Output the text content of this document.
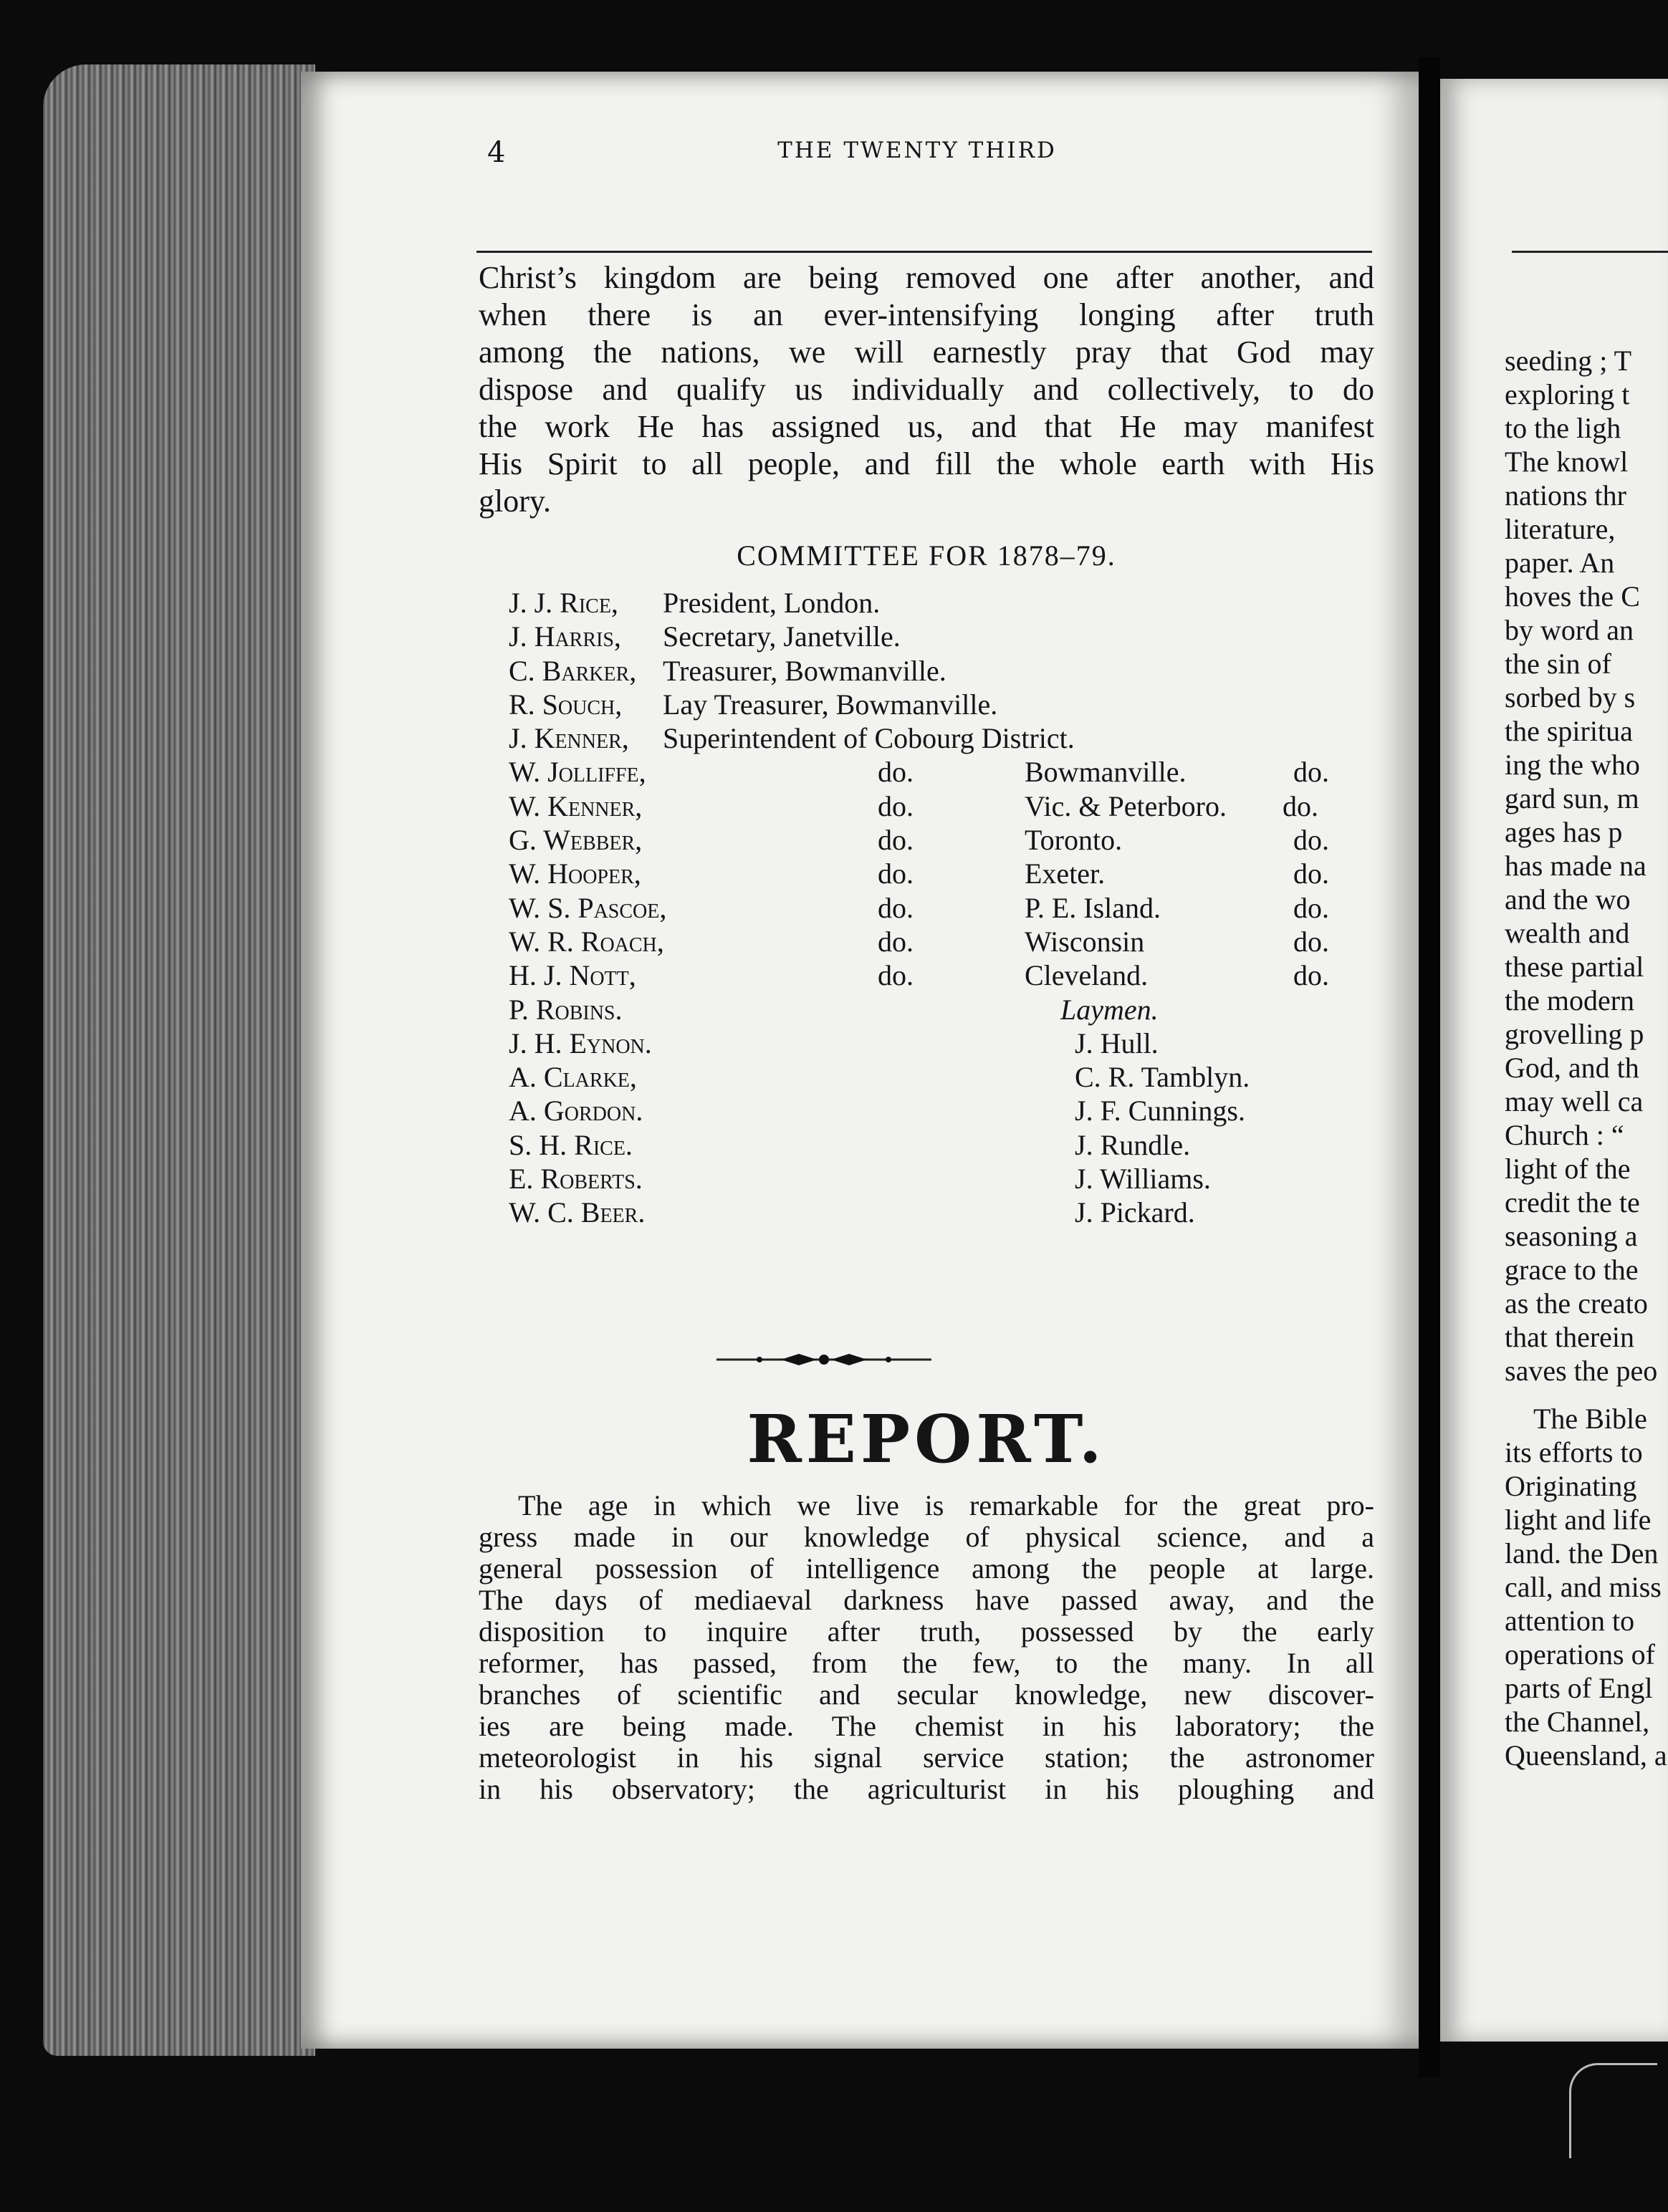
seeding ; T
exploring t
to the ligh
The knowl
nations thr
literature,
paper. An
hoves the C
by word an
the sin of
sorbed by s
the spiritua
ing the who
gard sun, m
ages has p
has made na
and the wo
wealth and
these partial
the modern
grovelling p
God, and th
may well ca
Church : “
light of the
credit the te
seasoning a
grace to the
as the creato
that therein
saves the peo
The Bible
its efforts to
Originating
light and life
land. the Den
call, and miss
attention to
operations of
parts of Engl
the Channel,
Queensland, a
4	THE TWENTY THIRD
Christ’s kingdom are being removed one after another, and
when there is an ever-intensifying longing after truth
among the nations, we will earnestly pray that God may
dispose and qualify us individually and collectively, to do
the work He has assigned us, and that He may manifest
His Spirit to all people, and fill the whole earth with His
glory.
COMMITTEE FOR 1878–79.
J. J. Rice, President, London.
J. Harris, Secretary, Janetville.
C. Barker, Treasurer, Bowmanville.
R. Souch, Lay Treasurer, Bowmanville.
J. Kenner, Superintendent of Cobourg District.
W. Jolliffe,	do.	Bowmanville.	do.
W. Kenner,	do.	Vic. & Peterboro. do.
G. Webber,	do.	Toronto.	do.
W. Hooper,	do.	Exeter.	do.
W. S. Pascoe,	do.	P. E. Island.	do.
W. R. Roach,	do.	Wisconsin	do.
H. J. Nott,	do.	Cleveland.	do.
P. Robins.	Laymen.
J. H. Eynon.	J. Hull.
A. Clarke,	C. R. Tamblyn.
A. Gordon.	J. F. Cunnings.
S. H. Rice.	J. Rundle.
E. Roberts.	J. Williams.
W. C. Beer.	J. Pickard.
REPORT.
The age in which we live is remarkable for the great pro-
gress made in our knowledge of physical science, and a
general possession of intelligence among the people at large.
The days of mediaeval darkness have passed away, and the
disposition to inquire after truth, possessed by the early
reformer, has passed, from the few, to the many. In all
branches of scientific and secular knowledge, new discover-
ies are being made. The chemist in his laboratory; the
meteorologist in his signal service station; the astronomer
in his observatory; the agriculturist in his ploughing and
